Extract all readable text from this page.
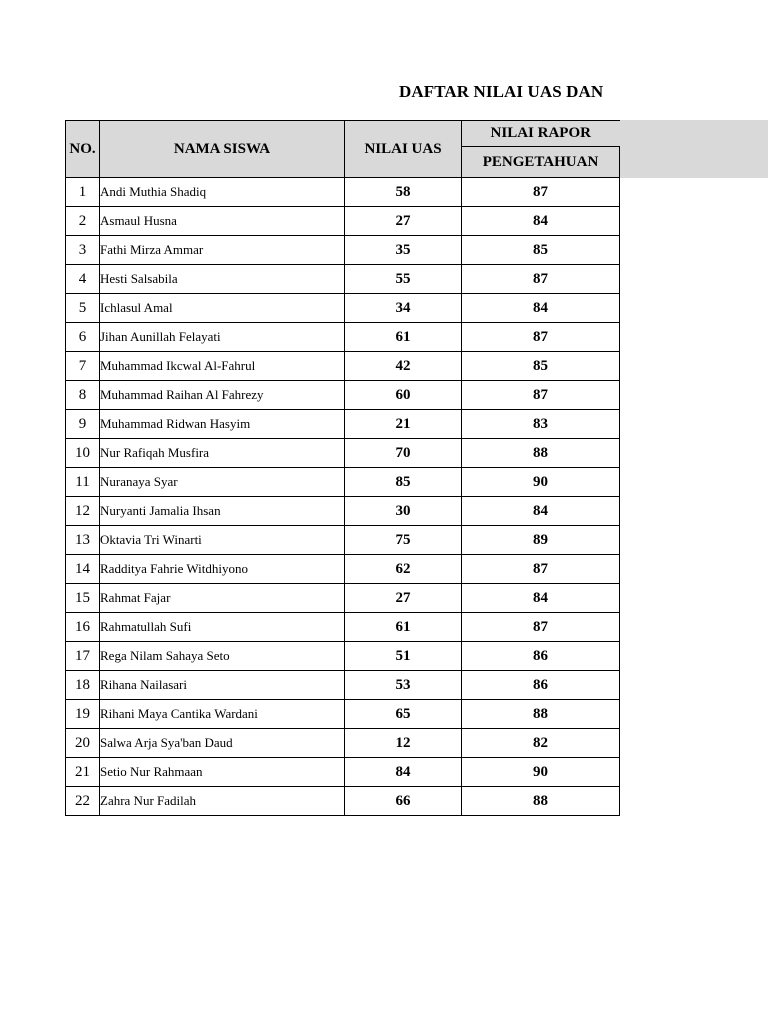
DAFTAR NILAI UAS DAN
NO.	NAMA SISWA	NILAI UAS	NILAI RAPOR
			PENGETAHUAN
1	Andi Muthia Shadiq	58	87
2	Asmaul Husna	27	84
3	Fathi Mirza Ammar	35	85
4	Hesti Salsabila	55	87
5	Ichlasul Amal	34	84
6	Jihan Aunillah Felayati	61	87
7	Muhammad Ikcwal Al-Fahrul	42	85
8	Muhammad Raihan Al Fahrezy	60	87
9	Muhammad Ridwan Hasyim	21	83
10	Nur Rafiqah Musfira	70	88
11	Nuranaya Syar	85	90
12	Nuryanti Jamalia Ihsan	30	84
13	Oktavia Tri Winarti	75	89
14	Radditya Fahrie Witdhiyono	62	87
15	Rahmat Fajar	27	84
16	Rahmatullah Sufi	61	87
17	Rega Nilam Sahaya Seto	51	86
18	Rihana Nailasari	53	86
19	Rihani Maya Cantika Wardani	65	88
20	Salwa Arja Sya'ban Daud	12	82
21	Setio Nur Rahmaan	84	90
22	Zahra Nur Fadilah	66	88
